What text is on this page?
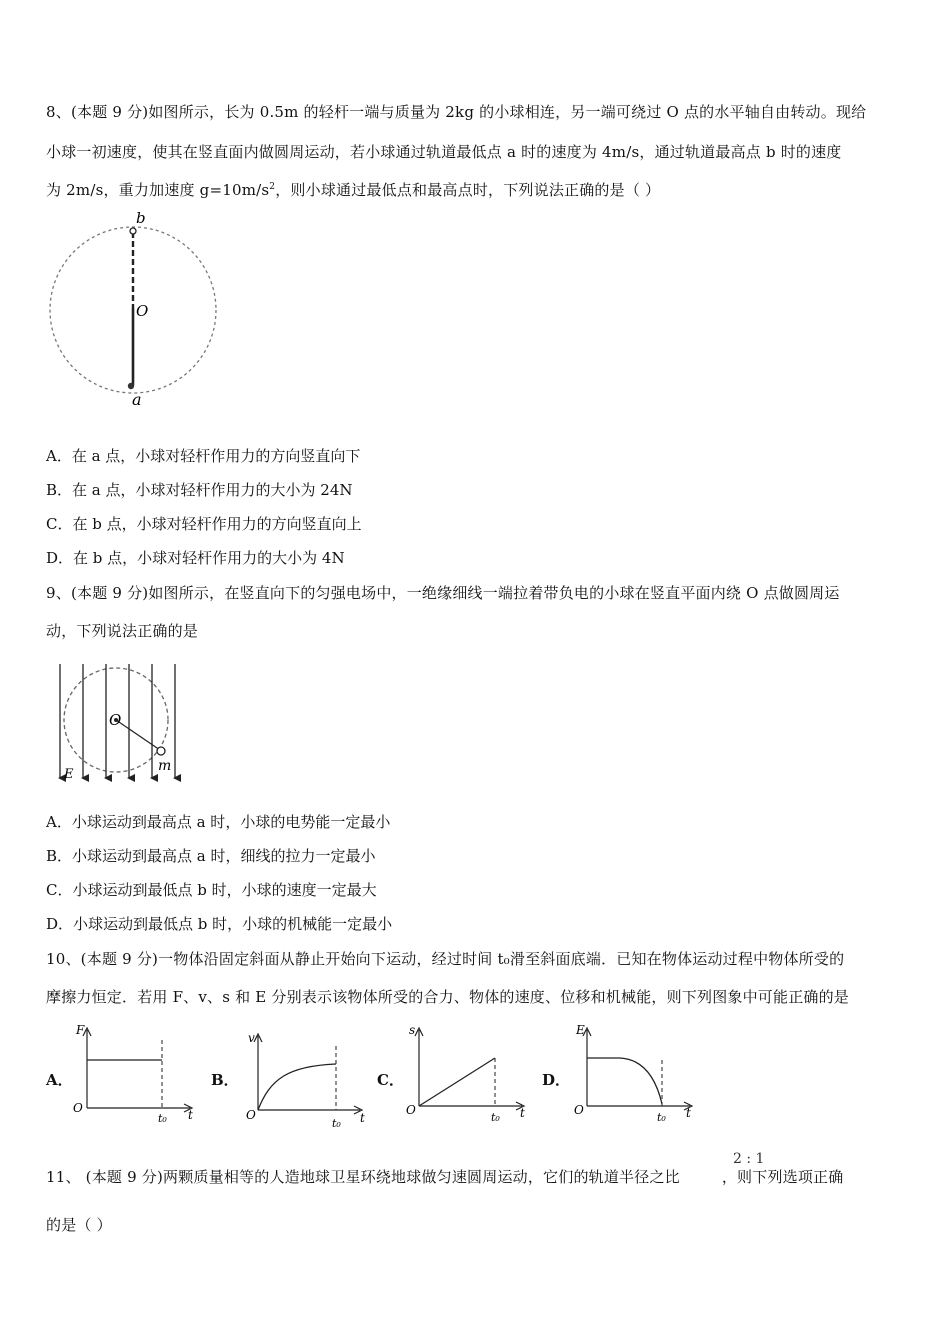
8、(本题 9 分)如图所示，长为 0.5m 的轻杆一端与质量为 2kg 的小球相连，另一端可绕过 O 点的水平轴自由转动。现给
小球一初速度，使其在竖直面内做圆周运动，若小球通过轨道最低点 a 时的速度为 4m/s，通过轨道最高点 b 时的速度
为 2m/s，重力加速度 $g=10m/s^2$，则小球通过最低点和最高点时，下列说法正确的是（ ）
b
O
a
A．在 a 点，小球对轻杆作用力的方向竖直向下
B．在 a 点，小球对轻杆作用力的大小为 24N
C．在 b 点，小球对轻杆作用力的方向竖直向上
D．在 b 点，小球对轻杆作用力的大小为 4N
9、(本题 9 分)如图所示，在竖直向下的匀强电场中，一绝缘细线一端拉着带负电的小球在竖直平面内绕 O 点做圆周运
动，下列说法正确的是
O
m
E
A．小球运动到最高点 a 时，小球的电势能一定最小
B．小球运动到最高点 a 时，细线的拉力一定最小
C．小球运动到最低点 b 时，小球的速度一定最大
D．小球运动到最低点 b 时，小球的机械能一定最小
10、(本题 9 分)一物体沿固定斜面从静止开始向下运动，经过时间 t₀滑至斜面底端．已知在物体运动过程中物体所受的
摩擦力恒定．若用 F、v、s 和 E 分别表示该物体所受的合力、物体的速度、位移和机械能，则下列图象中可能正确的是
A．
F
O	t
t₀
B．
v
O	t
t₀
C．
s
O	t
t₀
D．
E
O	t
t₀
11、 (本题 9 分)两颗质量相等的人造地球卫星环绕地球做匀速圆周运动，它们的轨道半径之比	，则下列选项正确
2 : 1
的是（ ）
